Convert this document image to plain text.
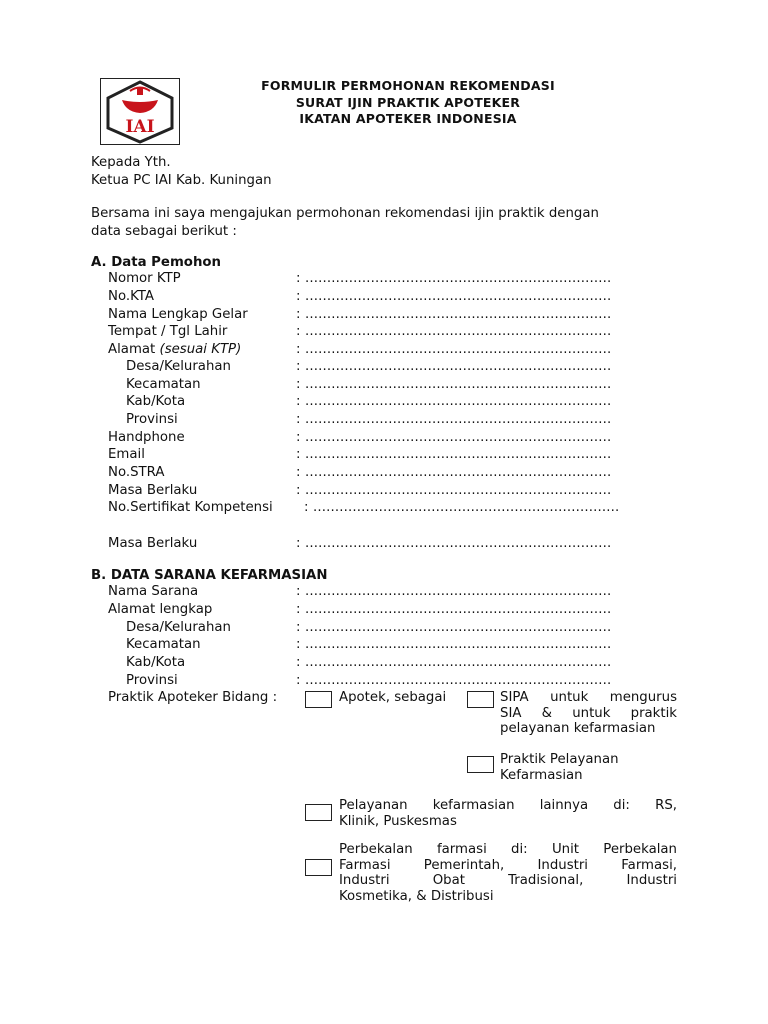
IAI
FORMULIR PERMOHONAN REKOMENDASI
SURAT IJIN PRAKTIK APOTEKER
IKATAN APOTEKER INDONESIA
Kepada Yth.
Ketua PC IAI Kab. Kuningan
Bersama ini saya mengajukan permohonan rekomendasi ijin praktik dengan
data sebagai berikut :
A. Data Pemohon
Nomor KTP	: ......................................................................
No.KTA	: ......................................................................
Nama Lengkap Gelar	: ......................................................................
Tempat / Tgl Lahir	: ......................................................................
Alamat (sesuai KTP)	: ......................................................................
Desa/Kelurahan	: ......................................................................
Kecamatan	: ......................................................................
Kab/Kota	: ......................................................................
Provinsi	: ......................................................................
Handphone	: ......................................................................
Email	: ......................................................................
No.STRA	: ......................................................................
Masa Berlaku	: ......................................................................
No.Sertifikat Kompetensi : ......................................................................
Masa Berlaku	: ......................................................................
B. DATA SARANA KEFARMASIAN
Nama Sarana	: ......................................................................
Alamat lengkap	: ......................................................................
Desa/Kelurahan	: ......................................................................
Kecamatan	: ......................................................................
Kab/Kota	: ......................................................................
Provinsi	: ......................................................................
Praktik Apoteker Bidang :	Apotek, sebagai	SIPA untuk mengurus
SIA & untuk praktik
pelayanan kefarmasian
Praktik Pelayanan
Kefarmasian
Pelayanan kefarmasian lainnya di: RS,
Klinik, Puskesmas
Perbekalan farmasi di: Unit Perbekalan
Farmasi Pemerintah, Industri Farmasi,
Industri Obat Tradisional, Industri
Kosmetika, & Distribusi
